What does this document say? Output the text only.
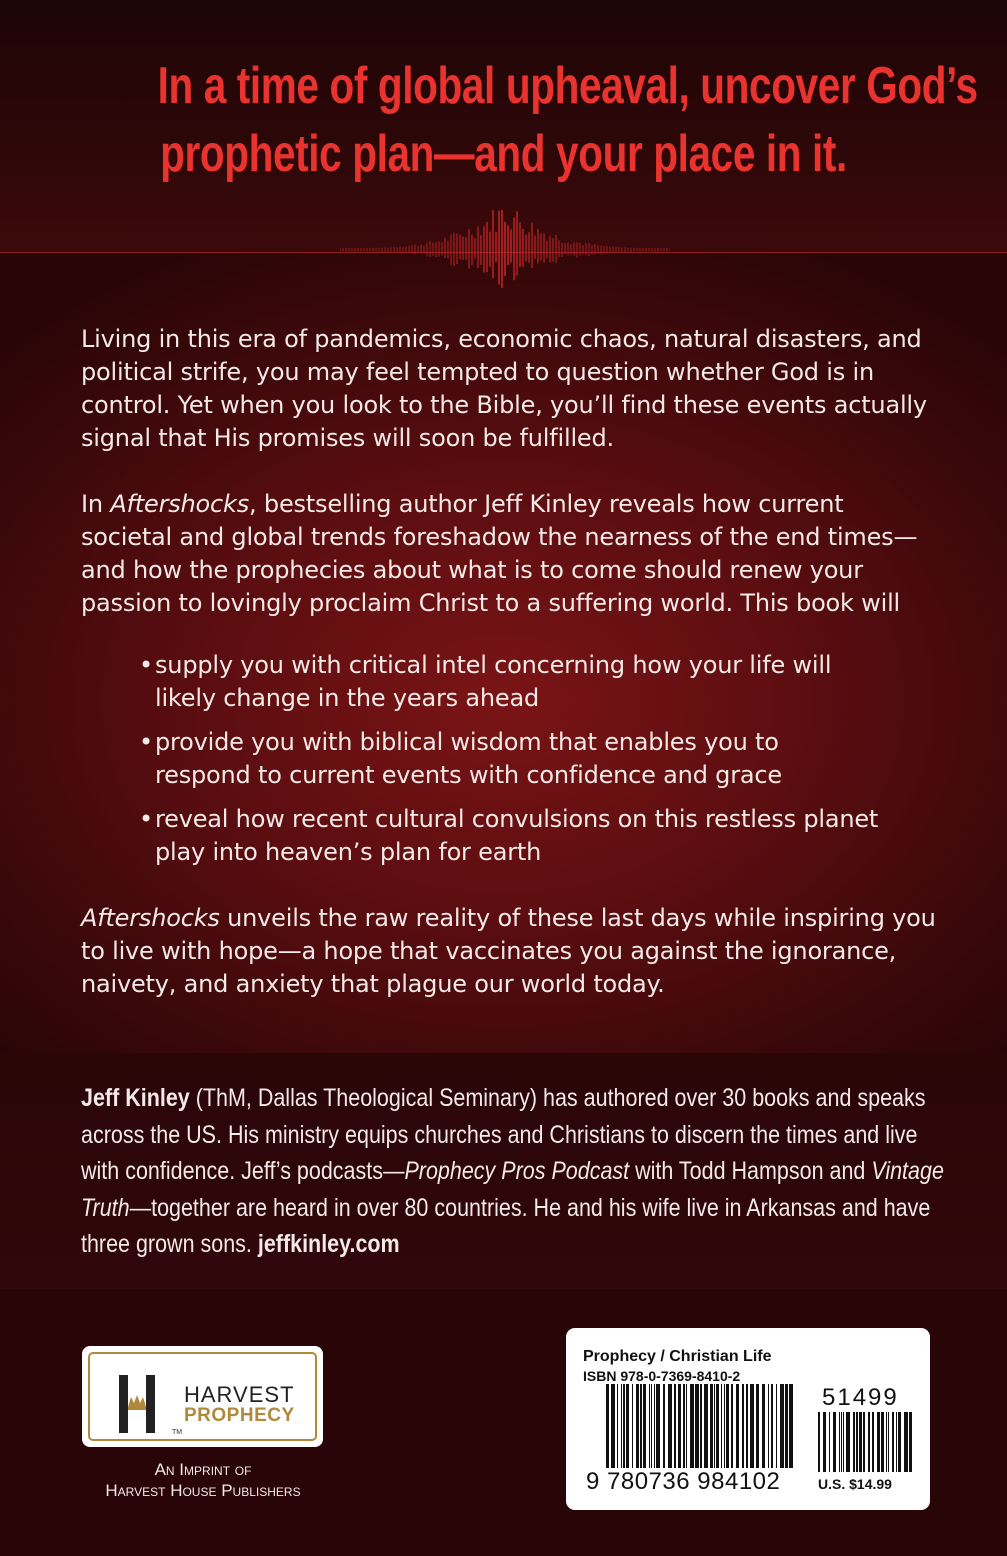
In a time of global upheaval, uncover God’s
prophetic plan—and your place in it.

Living in this era of pandemics, economic chaos, natural disasters, and
political strife, you may feel tempted to question whether God is in
control. Yet when you look to the Bible, you’ll find these events actually
signal that His promises will soon be fulfilled.

In Aftershocks, bestselling author Jeff Kinley reveals how current
societal and global trends foreshadow the nearness of the end times—
and how the prophecies about what is to come should renew your
passion to lovingly proclaim Christ to a suffering world. This book will

• supply you with critical intel concerning how your life will
likely change in the years ahead
• provide you with biblical wisdom that enables you to
respond to current events with confidence and grace
• reveal how recent cultural convulsions on this restless planet
play into heaven’s plan for earth

Aftershocks unveils the raw reality of these last days while inspiring you
to live with hope—a hope that vaccinates you against the ignorance,
naivety, and anxiety that plague our world today.

Jeff Kinley (ThM, Dallas Theological Seminary) has authored over 30 books and speaks
across the US. His ministry equips churches and Christians to discern the times and live
with confidence. Jeff’s podcasts—Prophecy Pros Podcast with Todd Hampson and Vintage
Truth—together are heard in over 80 countries. He and his wife live in Arkansas and have
three grown sons. jeffkinley.com
HARVEST
PROPHECY
TM
An Imprint of
Harvest House Publishers
Prophecy / Christian Life
ISBN 978-0-7369-8410-2
9 780736 984102
51499
U.S. $14.99
